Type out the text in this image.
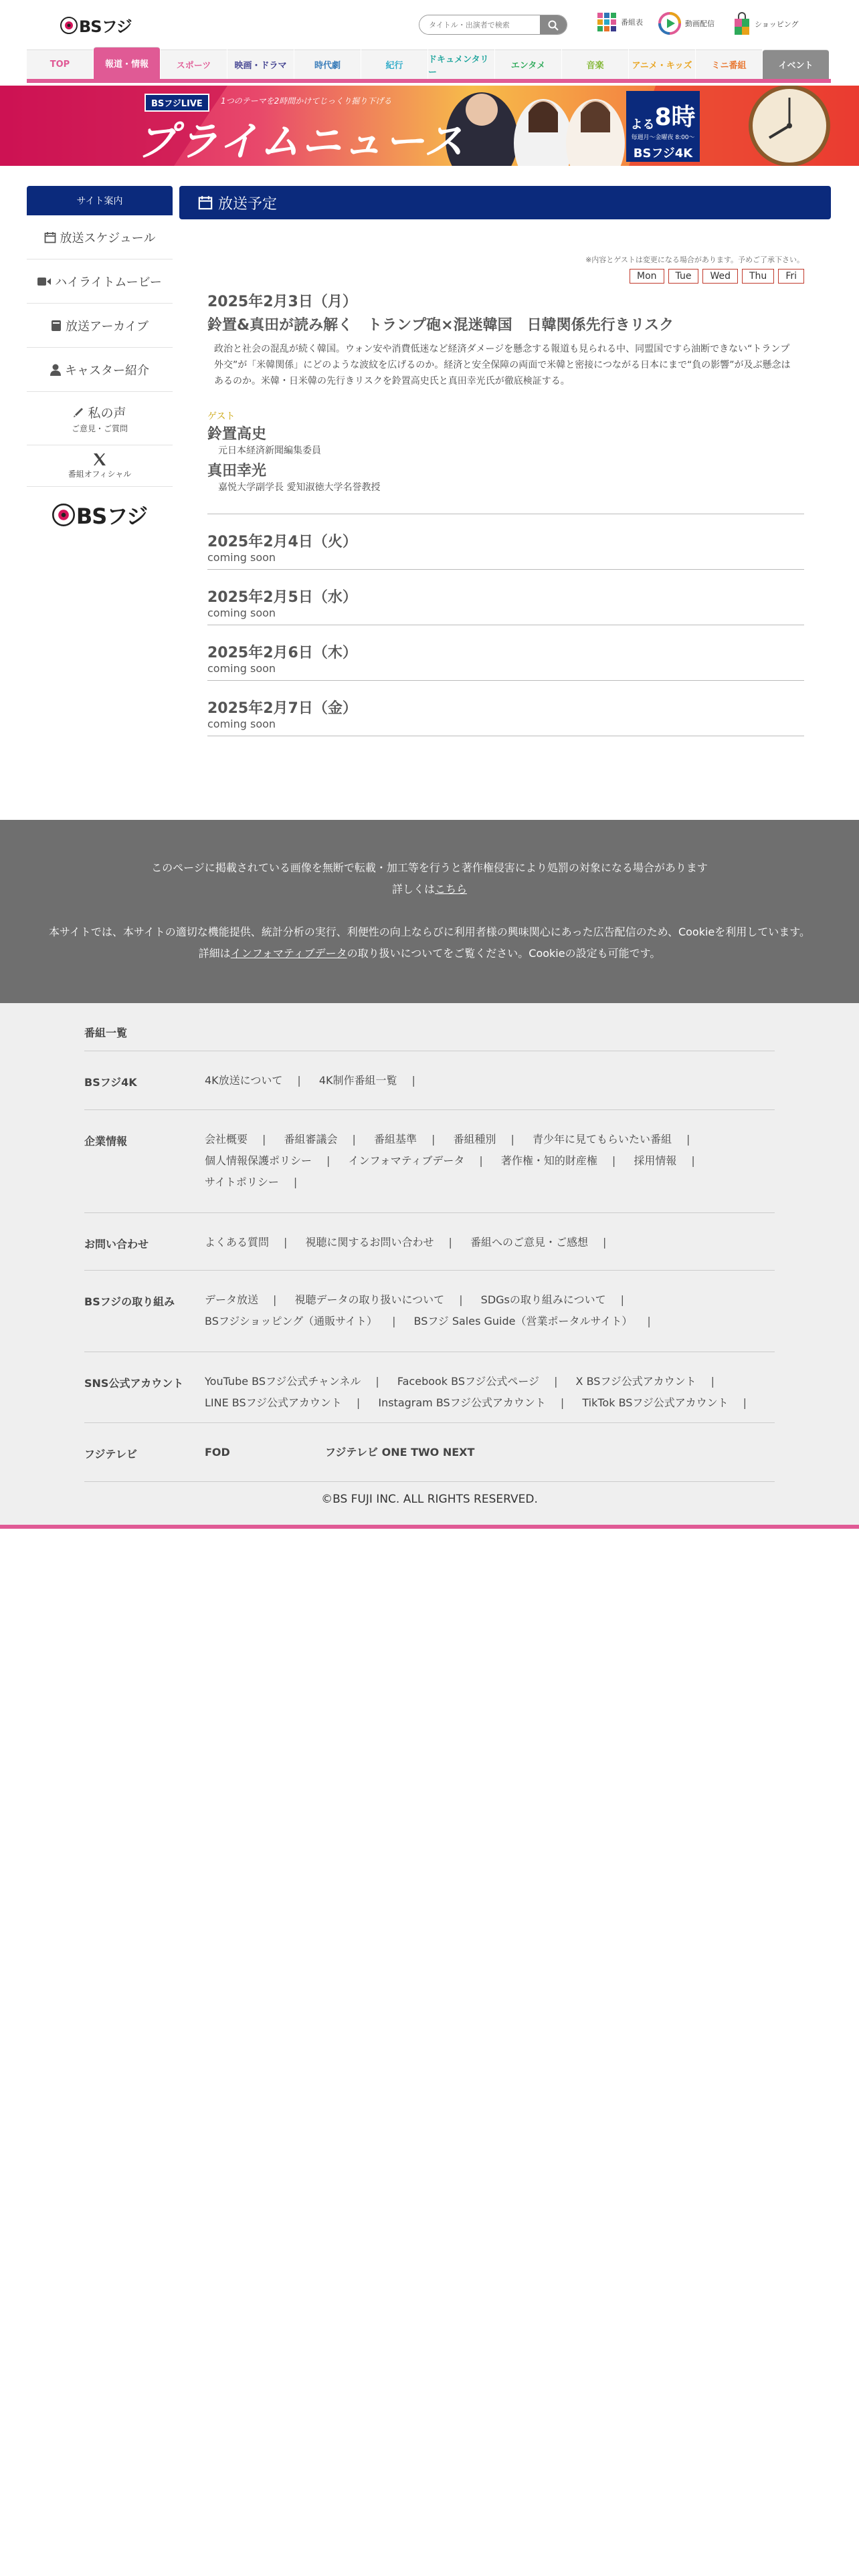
BSフジ
タイトル・出演者で検索	番組表	動画配信	ショッピング
TOP	報道・情報	スポーツ	映画・ドラマ	時代劇	紀行
ドキュメンタリー
エンタメ	音楽	アニメ・キッズ	ミニ番組	イベント
BSフジLIVE	1つのテーマを2時間かけてじっくり掘り下げる
プライムニュース	よる 8時
毎週月～金曜夜 8:00～
BSフジ4K
サイト案内
放送スケジュール
ハイライトムービー
放送アーカイブ
キャスター紹介
私の声
ご意見・ご質問
番組オフィシャル
BSフジ
放送予定
※内容とゲストは変更になる場合があります。予めご了承下さい。
Mon	Tue	Wed	Thu	Fri
2025年2月3日（月）
鈴置&真田が読み解く　トランプ砲×混迷韓国　日韓関係先行きリスク
政治と社会の混乱が続く韓国。ウォン安や消費低迷など経済ダメージを懸念する報道も見られる中、同盟国ですら油断できない“トランプ外交”が「米韓関係」にどのような波紋を広げるのか。経済と安全保障の両面で米韓と密接につながる日本にまで“負の影響”が及ぶ懸念はあるのか。米韓・日米韓の先行きリスクを鈴置高史氏と真田幸光氏が徹底検証する。
ゲスト
鈴置高史
元日本経済新聞編集委員
真田幸光
嘉悦大学副学長 愛知淑徳大学名誉教授
2025年2月4日（火）
coming soon
2025年2月5日（水）
coming soon
2025年2月6日（木）
coming soon
2025年2月7日（金）
coming soon
このページに掲載されている画像を無断で転載・加工等を行うと著作権侵害により処罰の対象になる場合があります
詳しくはこちら
本サイトでは、本サイトの適切な機能提供、統計分析の実行、利便性の向上ならびに利用者様の興味関心にあった広告配信のため、Cookieを利用しています。
詳細はインフォマティブデータの取り扱いについてをご覧ください。Cookieの設定も可能です。
番組一覧
BSフジ4K	4K放送について | 4K制作番組一覧 |
企業情報	会社概要 | 番組審議会 | 番組基準 | 番組種別 | 青少年に見てもらいたい番組 | 個人情報保護ポリシー | インフォマティブデータ | 著作権・知的財産権 | 採用情報 | サイトポリシー |
お問い合わせ	よくある質問 | 視聴に関するお問い合わせ | 番組へのご意見・ご感想 |
BSフジの取り組み	データ放送 | 視聴データの取り扱いについて | SDGsの取り組みについて | BSフジショッピング（通販サイト） | BSフジ Sales Guide（営業ポータルサイト） |
SNS公式アカウント YouTube BSフジ公式チャンネル | Facebook BSフジ公式ページ | X BSフジ公式アカウント | LINE BSフジ公式アカウント | Instagram BSフジ公式アカウント | TikTok BSフジ公式アカウント |
フジテレビ	FOD	フジテレビ ONE TWO NEXT
©BS FUJI INC. ALL RIGHTS RESERVED.
